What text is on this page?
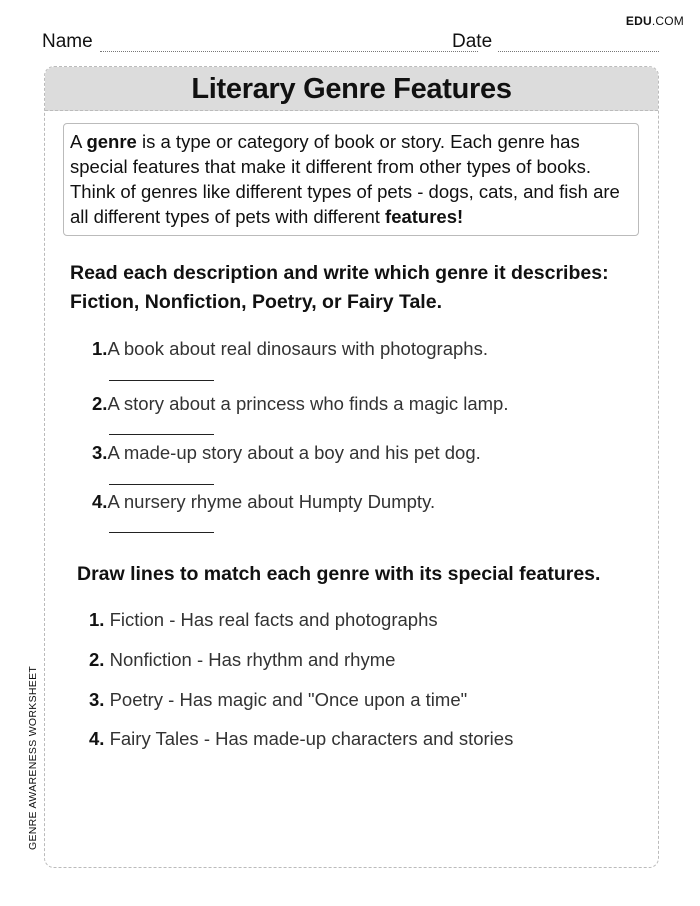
EDU.COM
Name	Date
GENRE AWARENESS WORKSHEET
Literary Genre Features
A genre is a type or category of book or story. Each genre has special features that make it different from other types of books. Think of genres like different types of pets - dogs, cats, and fish are all different types of pets with different features!
Read each description and write which genre it describes: Fiction, Nonfiction, Poetry, or Fairy Tale.
1.A book about real dinosaurs with photographs.
2.A story about a princess who finds a magic lamp.
3.A made-up story about a boy and his pet dog.
4.A nursery rhyme about Humpty Dumpty.
Draw lines to match each genre with its special features.
1. Fiction - Has real facts and photographs
2. Nonfiction - Has rhythm and rhyme
3. Poetry - Has magic and "Once upon a time"
4. Fairy Tales - Has made-up characters and stories
